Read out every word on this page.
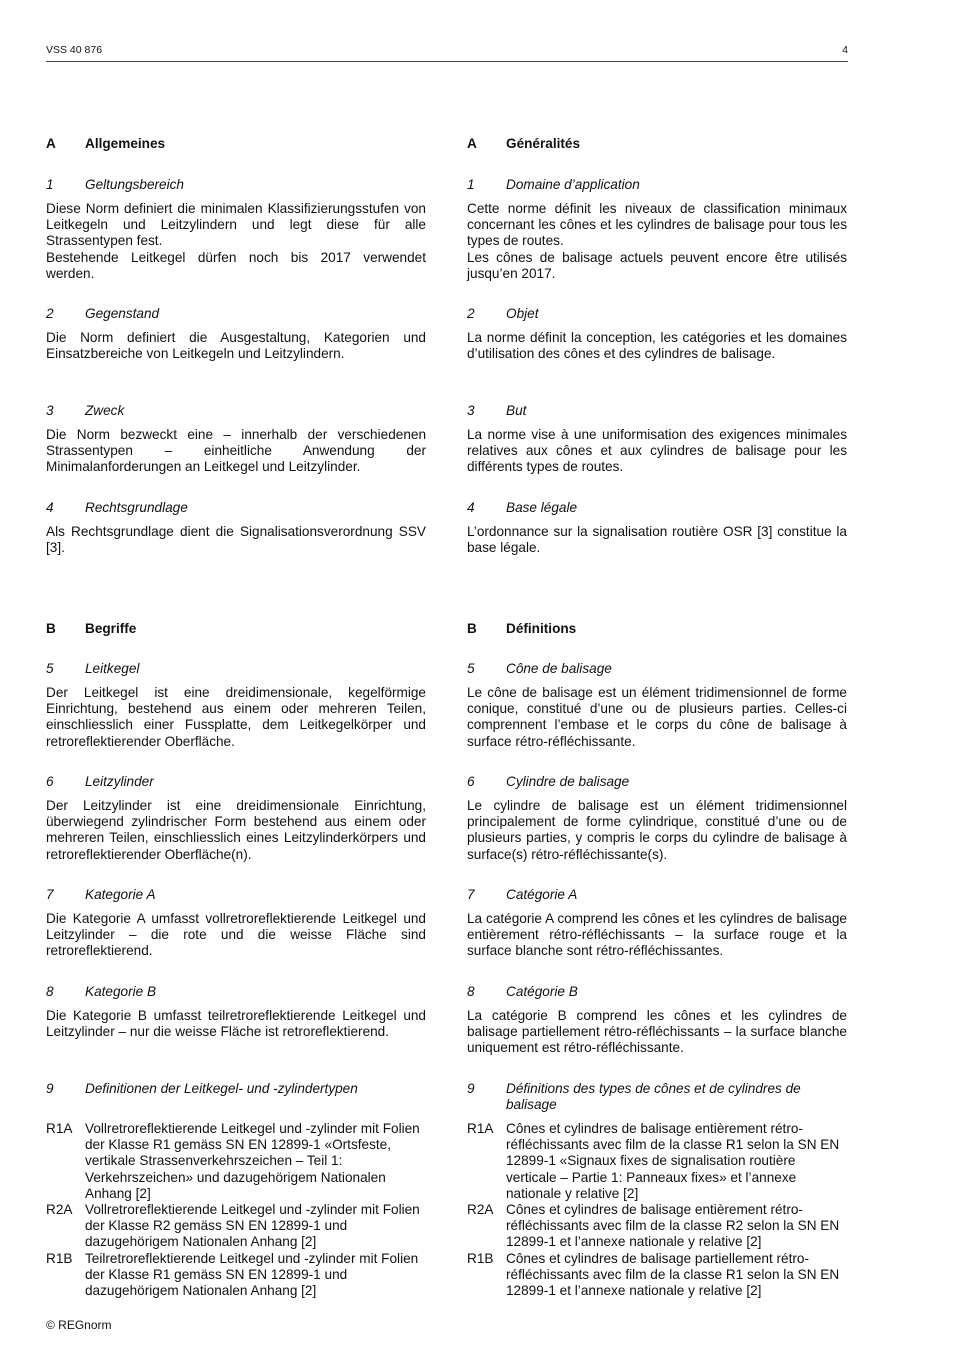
VSS 40 876	4
A Allgemeines
1 Geltungsbereich
Diese Norm definiert die minimalen Klassifizierungsstufen von Leitkegeln und Leitzylindern und legt diese für alle Strassentypen fest.
Bestehende Leitkegel dürfen noch bis 2017 verwendet werden.
2 Gegenstand
Die Norm definiert die Ausgestaltung, Kategorien und Einsatzbereiche von Leitkegeln und Leitzylindern.
3 Zweck
Die Norm bezweckt eine – innerhalb der verschiedenen Strassentypen – einheitliche Anwendung der Minimalanforderungen an Leitkegel und Leitzylinder.
4 Rechtsgrundlage
Als Rechtsgrundlage dient die Signalisationsverordnung SSV [3].
B Begriffe
5 Leitkegel
Der Leitkegel ist eine dreidimensionale, kegelförmige Einrichtung, bestehend aus einem oder mehreren Teilen, einschliesslich einer Fussplatte, dem Leitkegelkörper und retroreflektierender Oberfläche.
6 Leitzylinder
Der Leitzylinder ist eine dreidimensionale Einrichtung, überwiegend zylindrischer Form bestehend aus einem oder mehreren Teilen, einschliesslich eines Leitzylinderkörpers und retroreflektierender Oberfläche(n).
7 Kategorie A
Die Kategorie A umfasst vollretroreflektierende Leitkegel und Leitzylinder – die rote und die weisse Fläche sind retroreflektierend.
8 Kategorie B
Die Kategorie B umfasst teilretroreflektierende Leitkegel und Leitzylinder – nur die weisse Fläche ist retroreflektierend.
9 Definitionen der Leitkegel- und -zylindertypen
R1A Vollretroreflektierende Leitkegel und -zylinder mit Folien der Klasse R1 gemäss SN EN 12899-1 «Ortsfeste, vertikale Strassenverkehrszeichen – Teil 1: Verkehrszeichen» und dazugehörigem Nationalen Anhang [2]
R2A Vollretroreflektierende Leitkegel und -zylinder mit Folien der Klasse R2 gemäss SN EN 12899-1 und dazugehörigem Nationalen Anhang [2]
R1B Teilretroreflektierende Leitkegel und -zylinder mit Folien der Klasse R1 gemäss SN EN 12899-1 und dazugehörigem Nationalen Anhang [2]
A Généralités
1 Domaine d’application
Cette norme définit les niveaux de classification minimaux concernant les cônes et les cylindres de balisage pour tous les types de routes.
Les cônes de balisage actuels peuvent encore être utilisés jusqu’en 2017.
2 Objet
La norme définit la conception, les catégories et les domaines d’utilisation des cônes et des cylindres de balisage.
3 But
La norme vise à une uniformisation des exigences minimales relatives aux cônes et aux cylindres de balisage pour les différents types de routes.
4 Base légale
L’ordonnance sur la signalisation routière OSR [3] constitue la base légale.
B Définitions
5 Cône de balisage
Le cône de balisage est un élément tridimensionnel de forme conique, constitué d’une ou de plusieurs parties. Celles-ci comprennent l’embase et le corps du cône de balisage à surface rétro-réfléchissante.
6 Cylindre de balisage
Le cylindre de balisage est un élément tridimensionnel principalement de forme cylindrique, constitué d’une ou de plusieurs parties, y compris le corps du cylindre de balisage à surface(s) rétro-réfléchissante(s).
7 Catégorie A
La catégorie A comprend les cônes et les cylindres de balisage entièrement rétro-réfléchissants – la surface rouge et la surface blanche sont rétro-réfléchissantes.
8 Catégorie B
La catégorie B comprend les cônes et les cylindres de balisage partiellement rétro-réfléchissants – la surface blanche uniquement est rétro-réfléchissante.
9 Définitions des types de cônes et de cylindres de balisage
R1A Cônes et cylindres de balisage entièrement rétro-réfléchissants avec film de la classe R1 selon la SN EN 12899-1 «Signaux fixes de signalisation routière verticale – Partie 1: Panneaux fixes» et l’annexe nationale y relative [2]
R2A Cônes et cylindres de balisage entièrement rétro-réfléchissants avec film de la classe R2 selon la SN EN 12899-1 et l’annexe nationale y relative [2]
R1B Cônes et cylindres de balisage partiellement rétro-réfléchissants avec film de la classe R1 selon la SN EN 12899-1 et l’annexe nationale y relative [2]
© REGnorm
